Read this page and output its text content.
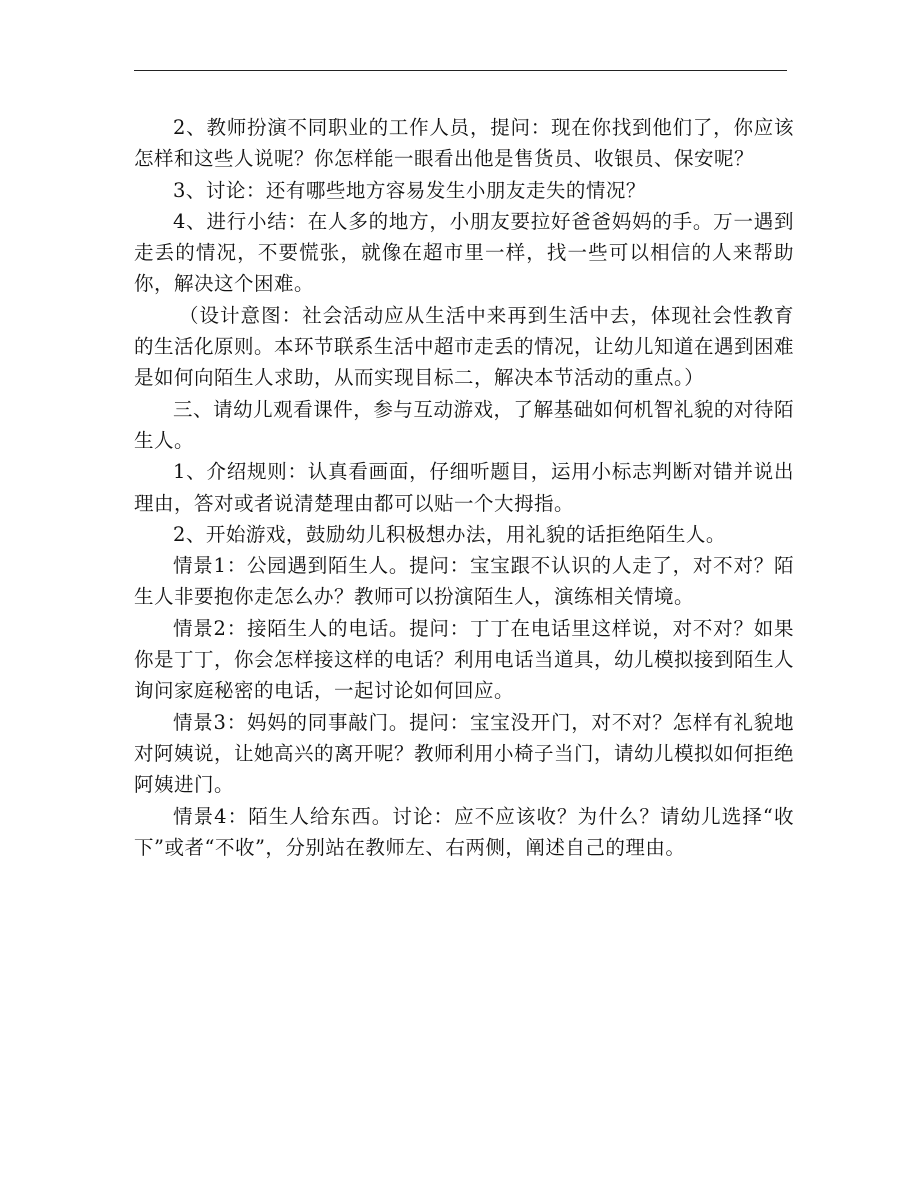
2、教师扮演不同职业的工作人员，提问：现在你找到他们了，你应该怎样和这些人说呢？你怎样能一眼看出他是售货员、收银员、保安呢？

3、讨论：还有哪些地方容易发生小朋友走失的情况？

4、进行小结：在人多的地方，小朋友要拉好爸爸妈妈的手。万一遇到走丢的情况，不要慌张，就像在超市里一样，找一些可以相信的人来帮助你，解决这个困难。

（设计意图：社会活动应从生活中来再到生活中去，体现社会性教育的生活化原则。本环节联系生活中超市走丢的情况，让幼儿知道在遇到困难是如何向陌生人求助，从而实现目标二，解决本节活动的重点。）

三、请幼儿观看课件，参与互动游戏，了解基础如何机智礼貌的对待陌生人。

1、介绍规则：认真看画面，仔细听题目，运用小标志判断对错并说出理由，答对或者说清楚理由都可以贴一个大拇指。

2、开始游戏，鼓励幼儿积极想办法，用礼貌的话拒绝陌生人。

情景1：公园遇到陌生人。提问：宝宝跟不认识的人走了，对不对？陌生人非要抱你走怎么办？教师可以扮演陌生人，演练相关情境。

情景2：接陌生人的电话。提问：丁丁在电话里这样说，对不对？如果你是丁丁，你会怎样接这样的电话？利用电话当道具，幼儿模拟接到陌生人询问家庭秘密的电话，一起讨论如何回应。

情景3：妈妈的同事敲门。提问：宝宝没开门，对不对？怎样有礼貌地对阿姨说，让她高兴的离开呢？教师利用小椅子当门，请幼儿模拟如何拒绝阿姨进门。

情景4：陌生人给东西。讨论：应不应该收？为什么？请幼儿选择“收下”或者“不收”，分别站在教师左、右两侧，阐述自己的理由。
